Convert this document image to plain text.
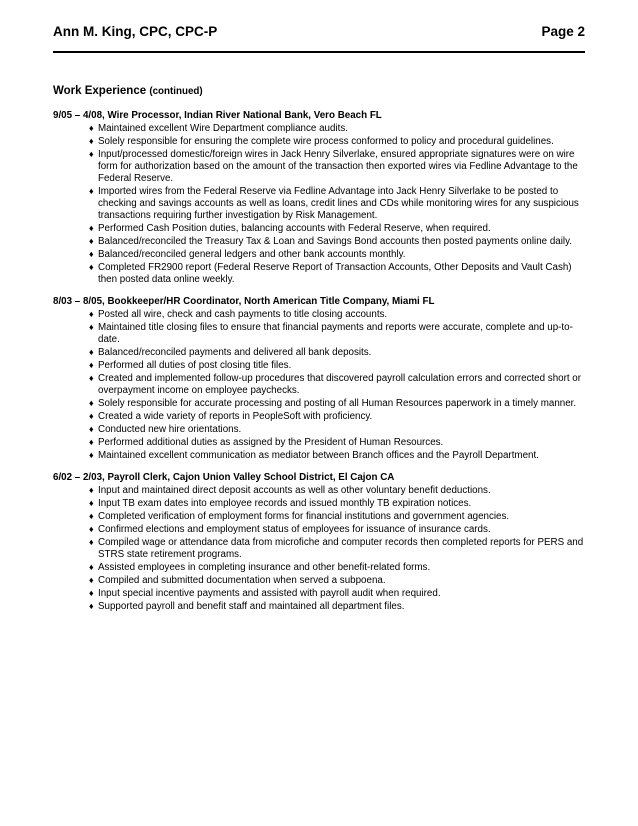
Ann M. King, CPC, CPC-P	Page 2
Work Experience (continued)
9/05 – 4/08, Wire Processor, Indian River National Bank, Vero Beach FL
♦ Maintained excellent Wire Department compliance audits.
♦ Solely responsible for ensuring the complete wire process conformed to policy and procedural guidelines.
♦ Input/processed domestic/foreign wires in Jack Henry Silverlake, ensured appropriate signatures were on wire form for authorization based on the amount of the transaction then exported wires via Fedline Advantage to the Federal Reserve.
♦ Imported wires from the Federal Reserve via Fedline Advantage into Jack Henry Silverlake to be posted to checking and savings accounts as well as loans, credit lines and CDs while monitoring wires for any suspicious transactions requiring further investigation by Risk Management.
♦ Performed Cash Position duties, balancing accounts with Federal Reserve, when required.
♦ Balanced/reconciled the Treasury Tax & Loan and Savings Bond accounts then posted payments online daily.
♦ Balanced/reconciled general ledgers and other bank accounts monthly.
♦ Completed FR2900 report (Federal Reserve Report of Transaction Accounts, Other Deposits and Vault Cash) then posted data online weekly.
8/03 – 8/05, Bookkeeper/HR Coordinator, North American Title Company, Miami FL
♦ Posted all wire, check and cash payments to title closing accounts.
♦ Maintained title closing files to ensure that financial payments and reports were accurate, complete and up-to-date.
♦ Balanced/reconciled payments and delivered all bank deposits.
♦ Performed all duties of post closing title files.
♦ Created and implemented follow-up procedures that discovered payroll calculation errors and corrected short or overpayment income on employee paychecks.
♦ Solely responsible for accurate processing and posting of all Human Resources paperwork in a timely manner.
♦ Created a wide variety of reports in PeopleSoft with proficiency.
♦ Conducted new hire orientations.
♦ Performed additional duties as assigned by the President of Human Resources.
♦ Maintained excellent communication as mediator between Branch offices and the Payroll Department.
6/02 – 2/03, Payroll Clerk, Cajon Union Valley School District, El Cajon CA
♦ Input and maintained direct deposit accounts as well as other voluntary benefit deductions.
♦ Input TB exam dates into employee records and issued monthly TB expiration notices.
♦ Completed verification of employment forms for financial institutions and government agencies.
♦ Confirmed elections and employment status of employees for issuance of insurance cards.
♦ Compiled wage or attendance data from microfiche and computer records then completed reports for PERS and STRS state retirement programs.
♦ Assisted employees in completing insurance and other benefit-related forms.
♦ Compiled and submitted documentation when served a subpoena.
♦ Input special incentive payments and assisted with payroll audit when required.
♦ Supported payroll and benefit staff and maintained all department files.
